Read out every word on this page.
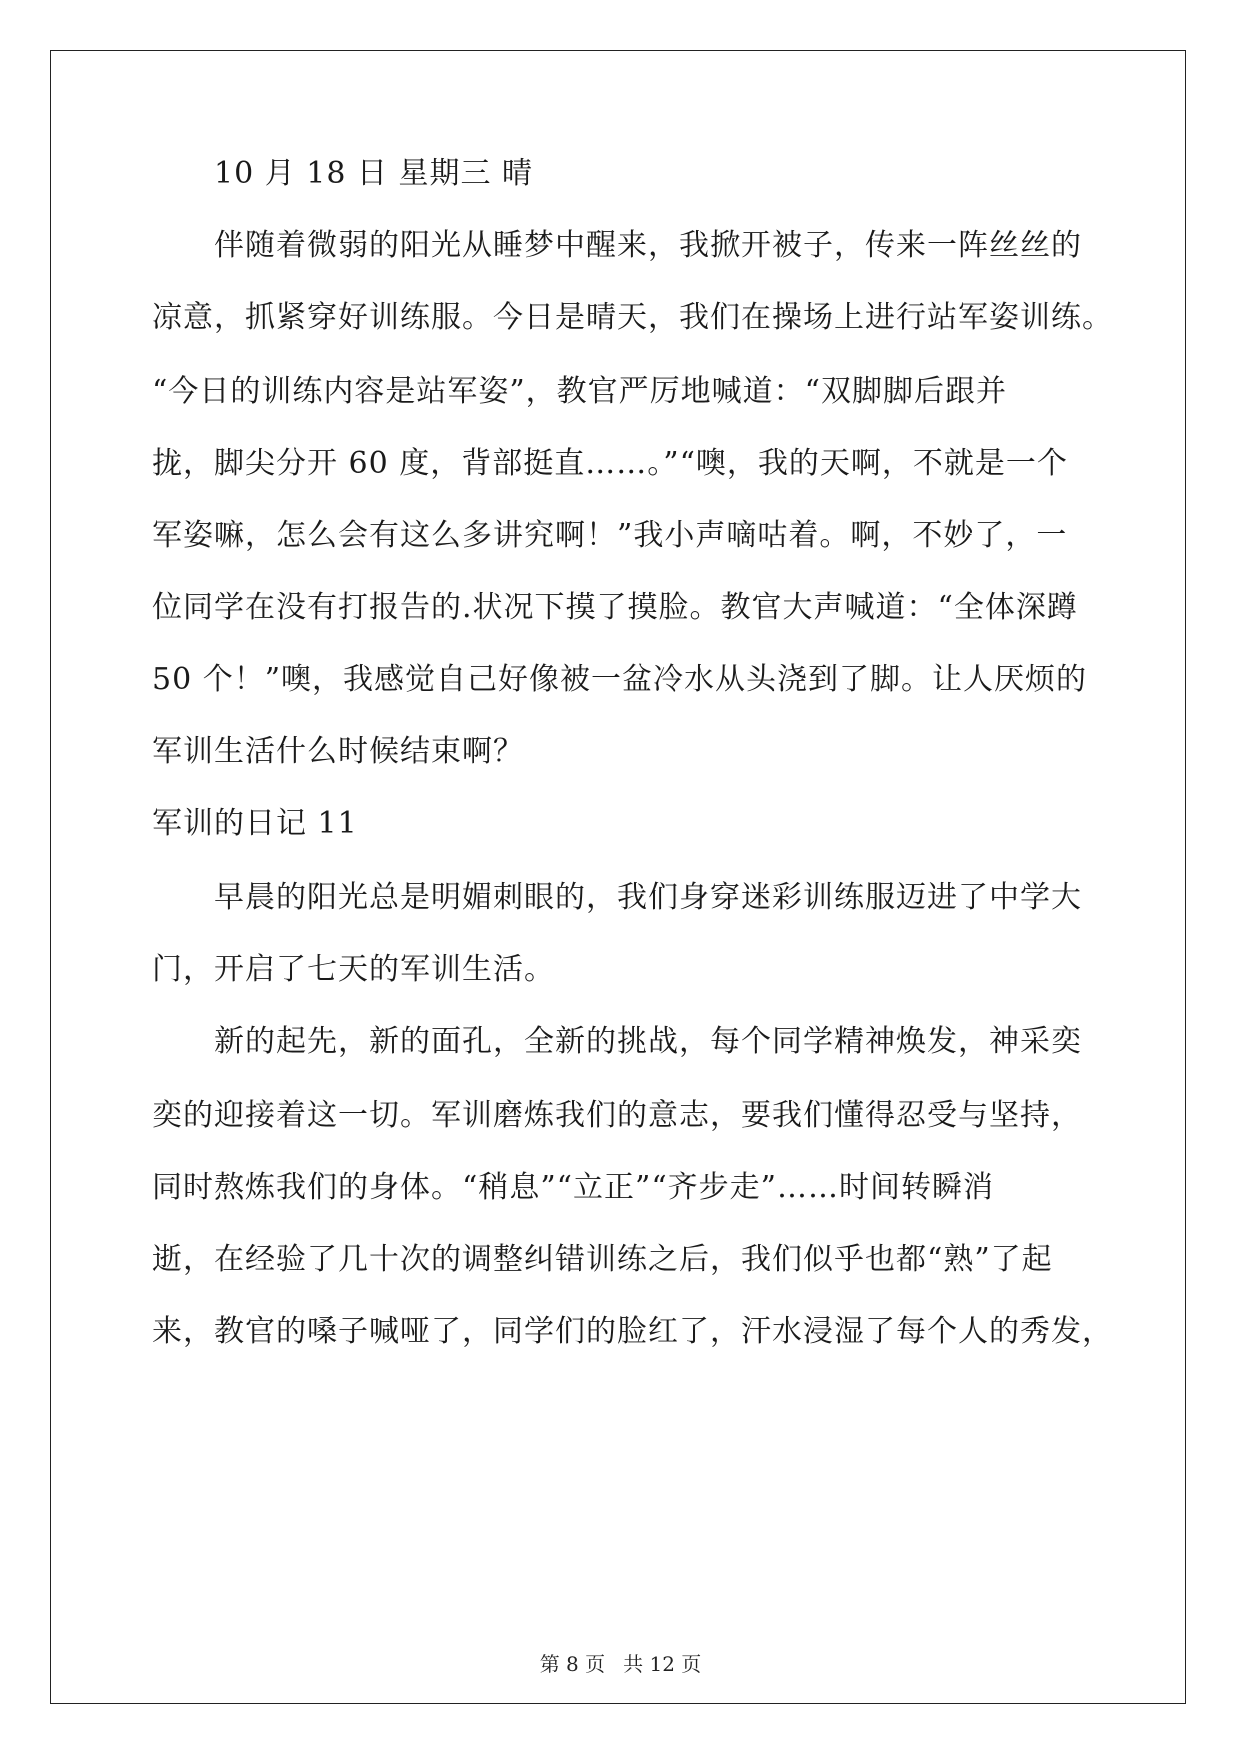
10 月 18 日 星期三 晴
伴随着微弱的阳光从睡梦中醒来，我掀开被子，传来一阵丝丝的
凉意，抓紧穿好训练服。今日是晴天，我们在操场上进行站军姿训练。
“今日的训练内容是站军姿”，教官严厉地喊道：“双脚脚后跟并
拢，脚尖分开 60 度，背部挺直……。”“噢，我的天啊，不就是一个
军姿嘛，怎么会有这么多讲究啊！”我小声嘀咕着。啊，不妙了，一
位同学在没有打报告的.状况下摸了摸脸。教官大声喊道：“全体深蹲
50 个！”噢，我感觉自己好像被一盆冷水从头浇到了脚。让人厌烦的
军训生活什么时候结束啊？
军训的日记 11
早晨的阳光总是明媚刺眼的，我们身穿迷彩训练服迈进了中学大
门，开启了七天的军训生活。
新的起先，新的面孔，全新的挑战，每个同学精神焕发，神采奕
奕的迎接着这一切。军训磨炼我们的意志，要我们懂得忍受与坚持，
同时熬炼我们的身体。“稍息”“立正”“齐步走”……时间转瞬消
逝，在经验了几十次的调整纠错训练之后，我们似乎也都“熟”了起
来，教官的嗓子喊哑了，同学们的脸红了，汗水浸湿了每个人的秀发，
第 8 页 共 12 页
